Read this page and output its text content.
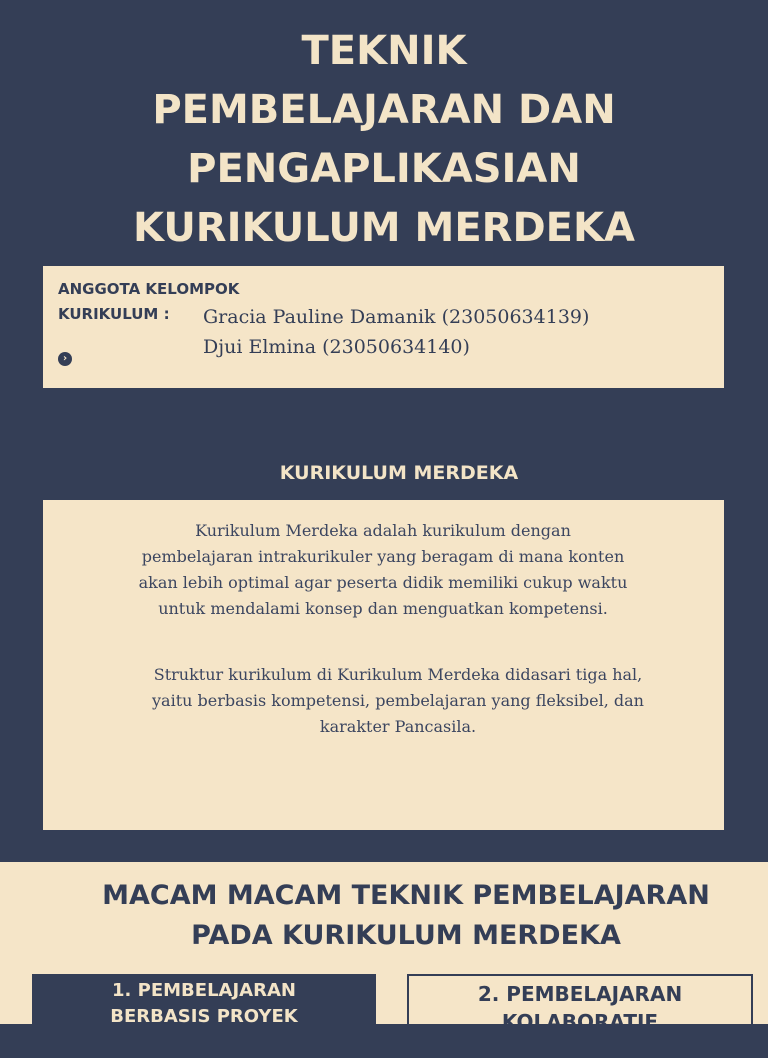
TEKNIK
PEMBELAJARAN DAN
PENGAPLIKASIAN
KURIKULUM MERDEKA
ANGGOTA KELOMPOK
KURIKULUM :	Gracia Pauline Damanik (23050634139)
Djui Elmina (23050634140)
›
KURIKULUM MERDEKA
Kurikulum Merdeka adalah kurikulum dengan
pembelajaran intrakurikuler yang beragam di mana konten
akan lebih optimal agar peserta didik memiliki cukup waktu
untuk mendalami konsep dan menguatkan kompetensi.
Struktur kurikulum di Kurikulum Merdeka didasari tiga hal,
yaitu berbasis kompetensi, pembelajaran yang fleksibel, dan
karakter Pancasila.
MACAM MACAM TEKNIK PEMBELAJARAN
PADA KURIKULUM MERDEKA
1. PEMBELAJARAN
BERBASIS PROYEK
2. PEMBELAJARAN
KOLABORATIF
